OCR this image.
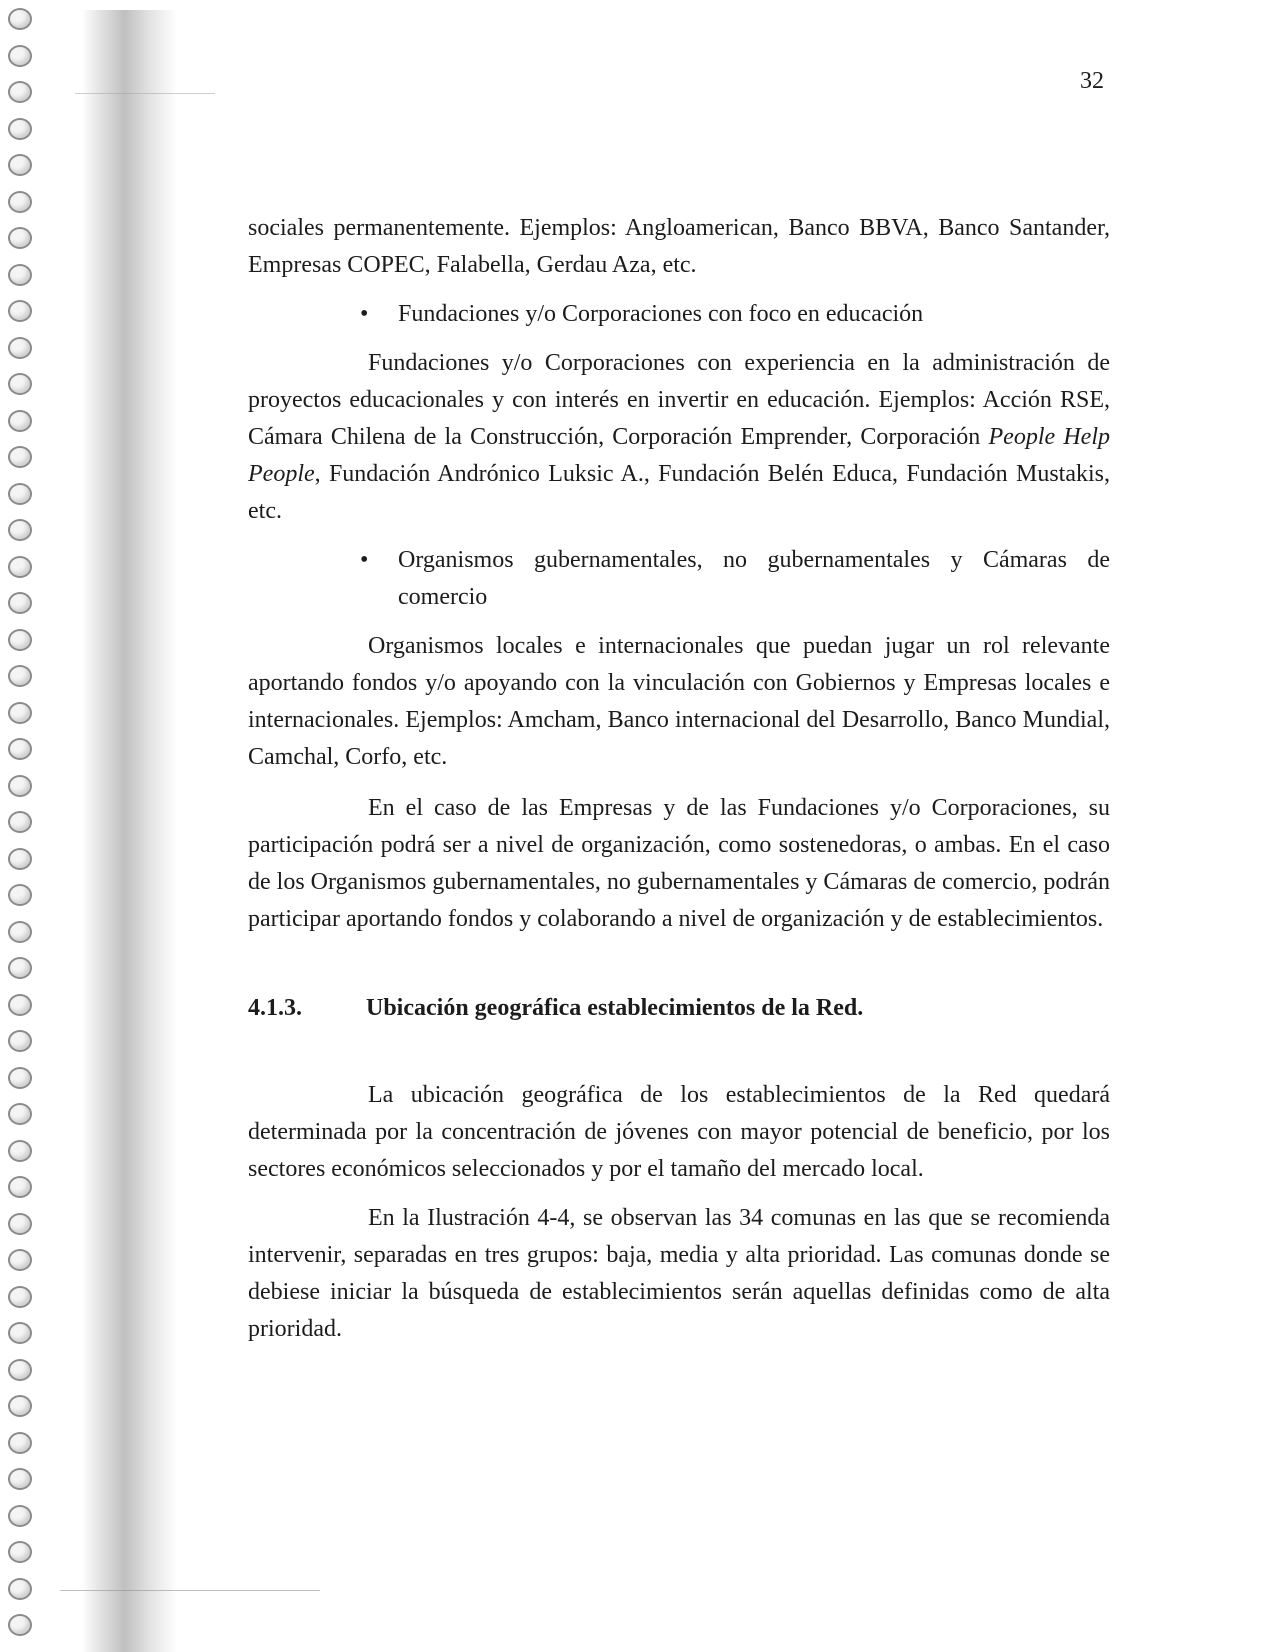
32

sociales permanentemente. Ejemplos: Angloamerican, Banco BBVA, Banco Santander, Empresas COPEC, Falabella, Gerdau Aza, etc.

• Fundaciones y/o Corporaciones con foco en educación

Fundaciones y/o Corporaciones con experiencia en la administración de proyectos educacionales y con interés en invertir en educación. Ejemplos: Acción RSE, Cámara Chilena de la Construcción, Corporación Emprender, Corporación People Help People, Fundación Andrónico Luksic A., Fundación Belén Educa, Fundación Mustakis, etc.

• Organismos gubernamentales, no gubernamentales y Cámaras de comercio

Organismos locales e internacionales que puedan jugar un rol relevante aportando fondos y/o apoyando con la vinculación con Gobiernos y Empresas locales e internacionales. Ejemplos: Amcham, Banco internacional del Desarrollo, Banco Mundial, Camchal, Corfo, etc.

En el caso de las Empresas y de las Fundaciones y/o Corporaciones, su participación podrá ser a nivel de organización, como sostenedoras, o ambas. En el caso de los Organismos gubernamentales, no gubernamentales y Cámaras de comercio, podrán participar aportando fondos y colaborando a nivel de organización y de establecimientos.

4.1.3.	Ubicación geográfica establecimientos de la Red.

La ubicación geográfica de los establecimientos de la Red quedará determinada por la concentración de jóvenes con mayor potencial de beneficio, por los sectores económicos seleccionados y por el tamaño del mercado local.

En la Ilustración 4-4, se observan las 34 comunas en las que se recomienda intervenir, separadas en tres grupos: baja, media y alta prioridad. Las comunas donde se debiese iniciar la búsqueda de establecimientos serán aquellas definidas como de alta prioridad.
